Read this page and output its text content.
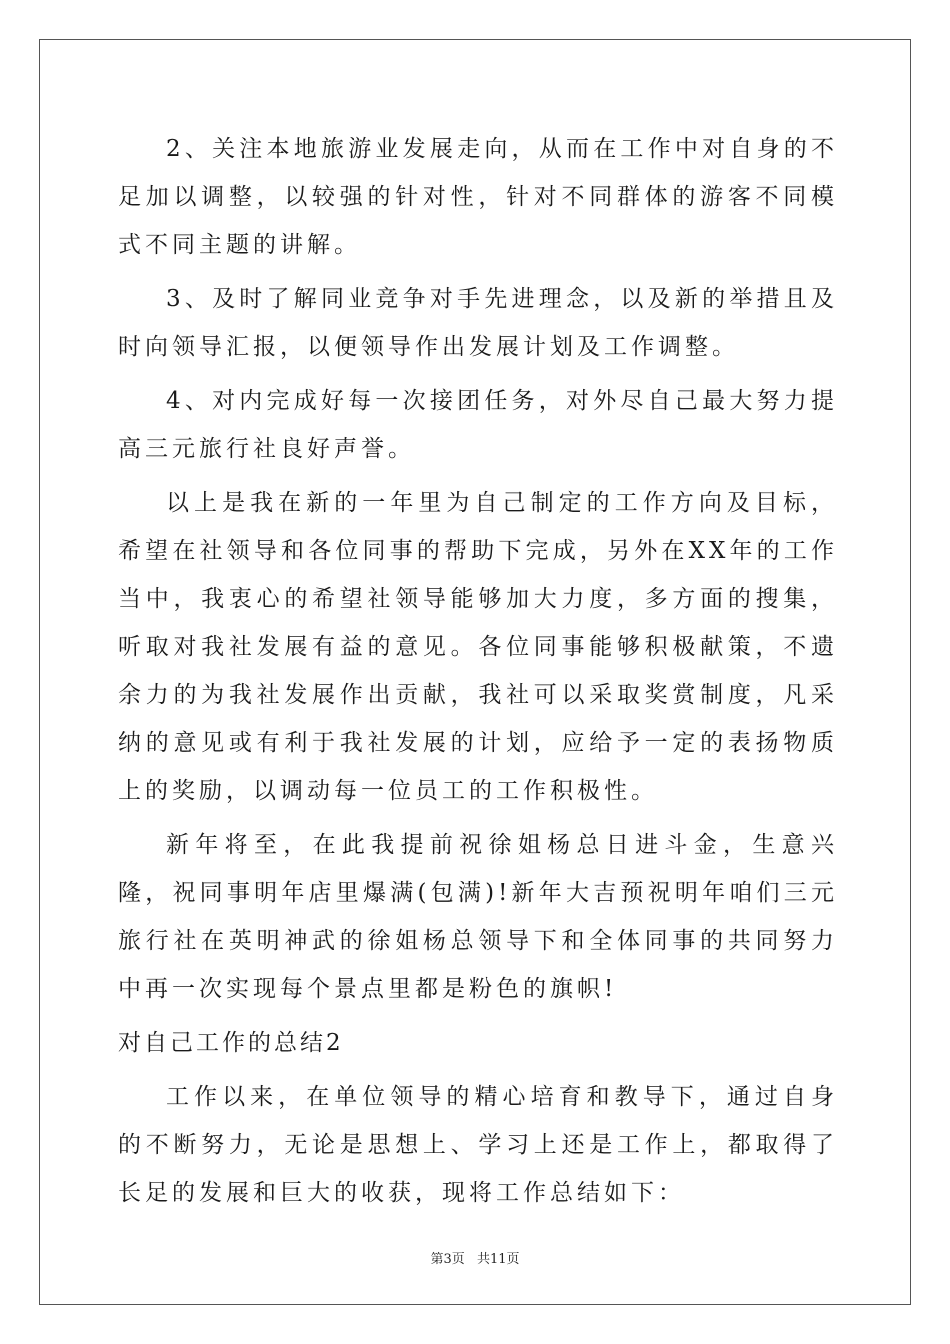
2、关注本地旅游业发展走向，从而在工作中对自身的不足加以调整，以较强的针对性，针对不同群体的游客不同模式不同主题的讲解。

3、及时了解同业竞争对手先进理念，以及新的举措且及时向领导汇报，以便领导作出发展计划及工作调整。

4、对内完成好每一次接团任务，对外尽自己最大努力提高三元旅行社良好声誉。

以上是我在新的一年里为自己制定的工作方向及目标，希望在社领导和各位同事的帮助下完成，另外在XX年的工作当中，我衷心的希望社领导能够加大力度，多方面的搜集，听取对我社发展有益的意见。各位同事能够积极献策，不遗余力的为我社发展作出贡献，我社可以采取奖赏制度，凡采纳的意见或有利于我社发展的计划，应给予一定的表扬物质上的奖励，以调动每一位员工的工作积极性。

新年将至，在此我提前祝徐姐杨总日进斗金，生意兴隆，祝同事明年店里爆满(包满)!新年大吉预祝明年咱们三元旅行社在英明神武的徐姐杨总领导下和全体同事的共同努力中再一次实现每个景点里都是粉色的旗帜!

对自己工作的总结2

工作以来，在单位领导的精心培育和教导下，通过自身的不断努力，无论是思想上、学习上还是工作上，都取得了长足的发展和巨大的收获，现将工作总结如下：

第3页 共11页
